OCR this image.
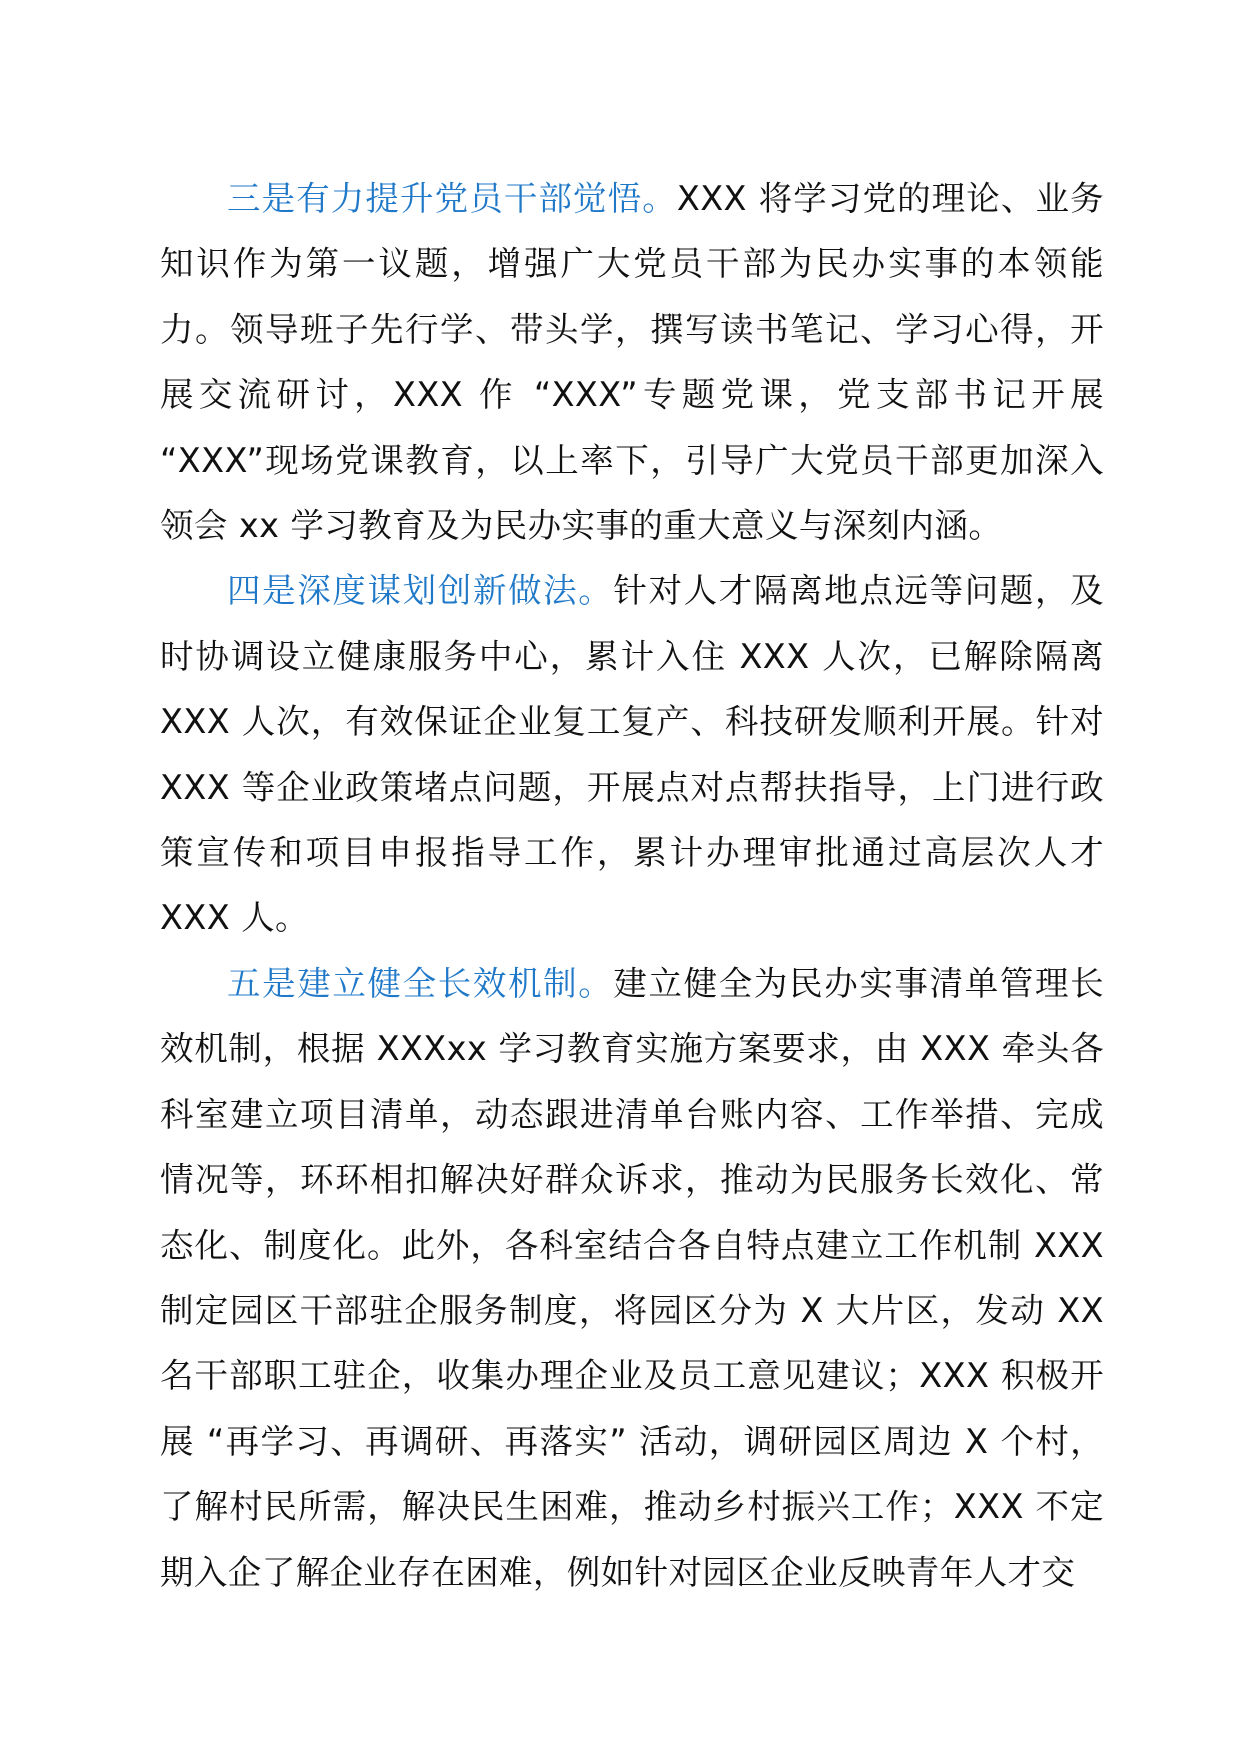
三是有力提升党员干部觉悟。XXX 将学习党的理论、业务知识作为第一议题，增强广大党员干部为民办实事的本领能力。领导班子先行学、带头学，撰写读书笔记、学习心得，开展交流研讨，XXX 作 “XXX”专题党课，党支部书记开展 “XXX”现场党课教育，以上率下，引导广大党员干部更加深入领会 xx 学习教育及为民办实事的重大意义与深刻内涵。

四是深度谋划创新做法。针对人才隔离地点远等问题，及时协调设立健康服务中心，累计入住 XXX 人次，已解除隔离 XXX 人次，有效保证企业复工复产、科技研发顺利开展。针对 XXX 等企业政策堵点问题，开展点对点帮扶指导，上门进行政策宣传和项目申报指导工作，累计办理审批通过高层次人才 XXX 人。

五是建立健全长效机制。建立健全为民办实事清单管理长效机制，根据 XXXxx 学习教育实施方案要求，由 XXX 牵头各科室建立项目清单，动态跟进清单台账内容、工作举措、完成情况等，环环相扣解决好群众诉求，推动为民服务长效化、常态化、制度化。此外，各科室结合各自特点建立工作机制 XXX 制定园区干部驻企服务制度，将园区分为 X 大片区，发动 XX 名干部职工驻企，收集办理企业及员工意见建议；XXX 积极开展 “再学习、再调研、再落实” 活动，调研园区周边 X 个村，了解村民所需，解决民生困难，推动乡村振兴工作；XXX 不定期入企了解企业存在困难，例如针对园区企业反映青年人才交
